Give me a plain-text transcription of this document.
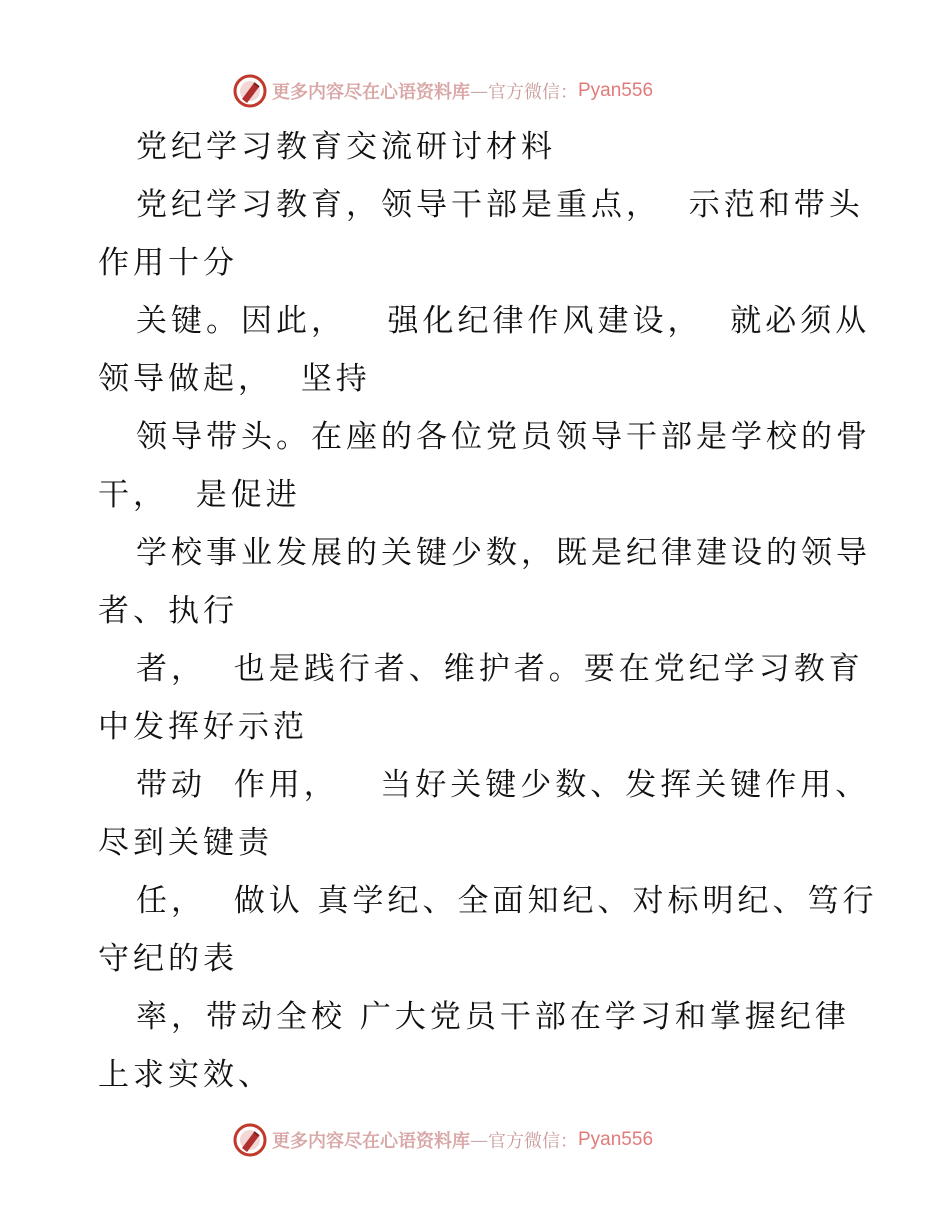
更多内容尽在心语资料库 — 官方微信： Pyan556
党纪学习教育交流研讨材料
党纪学习教育，领导干部是重点，  示范和带头
作用十分
关键。因此，   强化纪律作风建设，  就必须从
领导做起，  坚持
领导带头。在座的各位党员领导干部是学校的骨
干，  是促进
学校事业发展的关键少数，既是纪律建设的领导
者、执行
者，  也是践行者、维护者。要在党纪学习教育
中发挥好示范
带动  作用，   当好关键少数、发挥关键作用、
尽到关键责
任，  做认 真学纪、全面知纪、对标明纪、笃行
守纪的表
率，带动全校 广大党员干部在学习和掌握纪律
上求实效、
更多内容尽在心语资料库 — 官方微信： Pyan556
